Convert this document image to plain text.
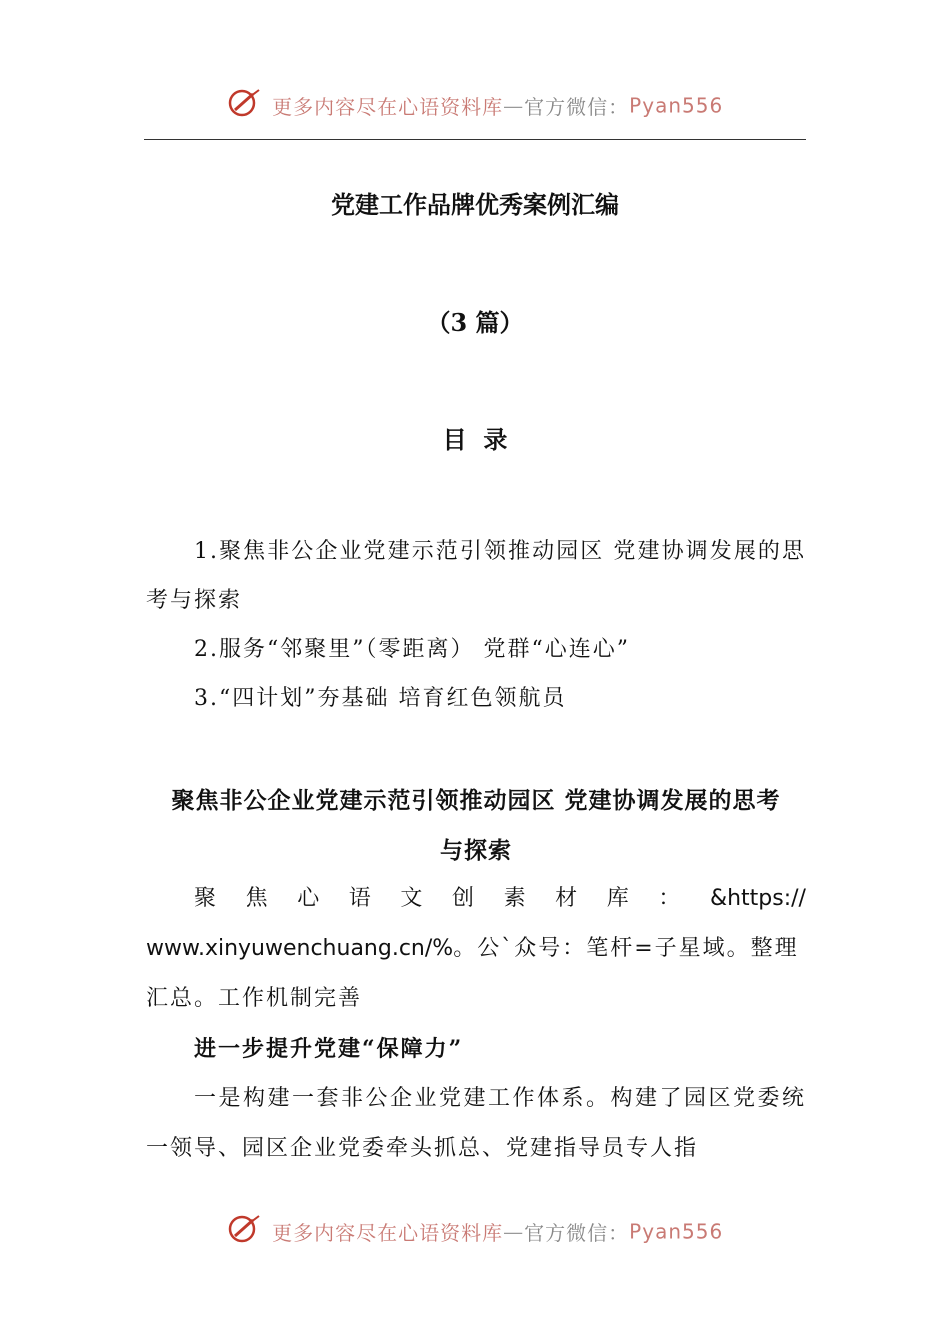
更多内容尽在心语资料库—官方微信：Pyan556
党建工作品牌优秀案例汇编
（3 篇）
目  录
1.聚焦非公企业党建示范引领推动园区 党建协调发展的思考与探索
2.服务“邻聚里”（零距离） 党群“心连心”
3.“四计划”夯基础 培育红色领航员
聚焦非公企业党建示范引领推动园区 党建协调发展的思考
与探索
聚 焦 心 语 文 创 素 材 库 ： &https://
www.xinyuwenchuang.cn/%。公`众号：笔杆=子星域。整理
汇总。工作机制完善
进一步提升党建“保障力”
一是构建一套非公企业党建工作体系。构建了园区党委统一领导、园区企业党委牵头抓总、党建指导员专人指
更多内容尽在心语资料库—官方微信：Pyan556
